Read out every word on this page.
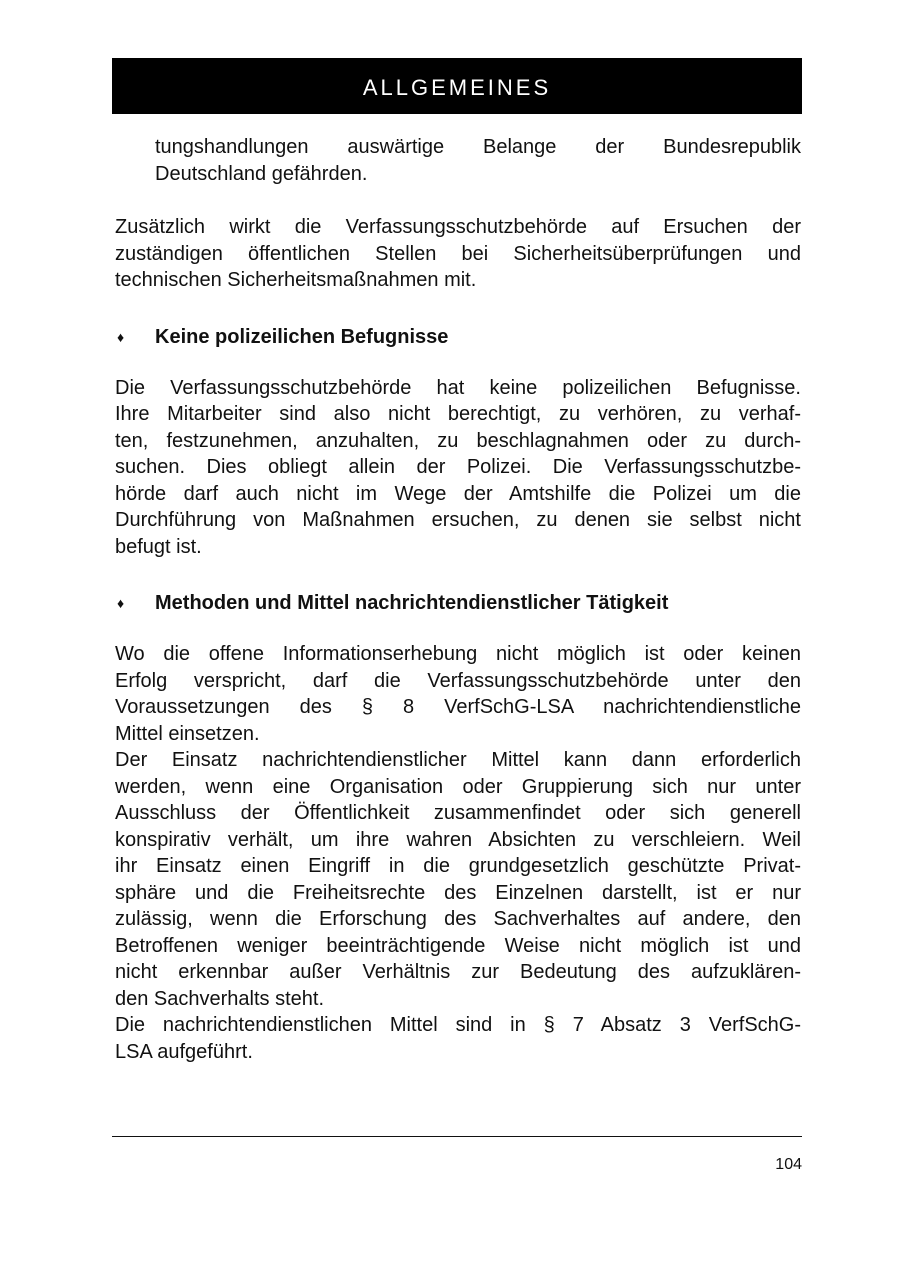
ALLGEMEINES

tungshandlungen auswärtige Belange der Bundesrepublik
Deutschland gefährden.

Zusätzlich wirkt die Verfassungsschutzbehörde auf Ersuchen der
zuständigen öffentlichen Stellen bei Sicherheitsüberprüfungen und
technischen Sicherheitsmaßnahmen mit.

♦	Keine polizeilichen Befugnisse

Die Verfassungsschutzbehörde hat keine polizeilichen Befugnisse.
Ihre Mitarbeiter sind also nicht berechtigt, zu verhören, zu verhaf-
ten, festzunehmen, anzuhalten, zu beschlagnahmen oder zu durch-
suchen. Dies obliegt allein der Polizei. Die Verfassungsschutzbe-
hörde darf auch nicht im Wege der Amtshilfe die Polizei um die
Durchführung von Maßnahmen ersuchen, zu denen sie selbst nicht
befugt ist.

♦	Methoden und Mittel nachrichtendienstlicher Tätigkeit

Wo die offene Informationserhebung nicht möglich ist oder keinen
Erfolg verspricht, darf die Verfassungsschutzbehörde unter den
Voraussetzungen des § 8 VerfSchG-LSA nachrichtendienstliche
Mittel einsetzen.

Der Einsatz nachrichtendienstlicher Mittel kann dann erforderlich
werden, wenn eine Organisation oder Gruppierung sich nur unter
Ausschluss der Öffentlichkeit zusammenfindet oder sich generell
konspirativ verhält, um ihre wahren Absichten zu verschleiern. Weil
ihr Einsatz einen Eingriff in die grundgesetzlich geschützte Privat-
sphäre und die Freiheitsrechte des Einzelnen darstellt, ist er nur
zulässig, wenn die Erforschung des Sachverhaltes auf andere, den
Betroffenen weniger beeinträchtigende Weise nicht möglich ist und
nicht erkennbar außer Verhältnis zur Bedeutung des aufzuklären-
den Sachverhalts steht.

Die nachrichtendienstlichen Mittel sind in § 7 Absatz 3 VerfSchG-
LSA aufgeführt.

104
